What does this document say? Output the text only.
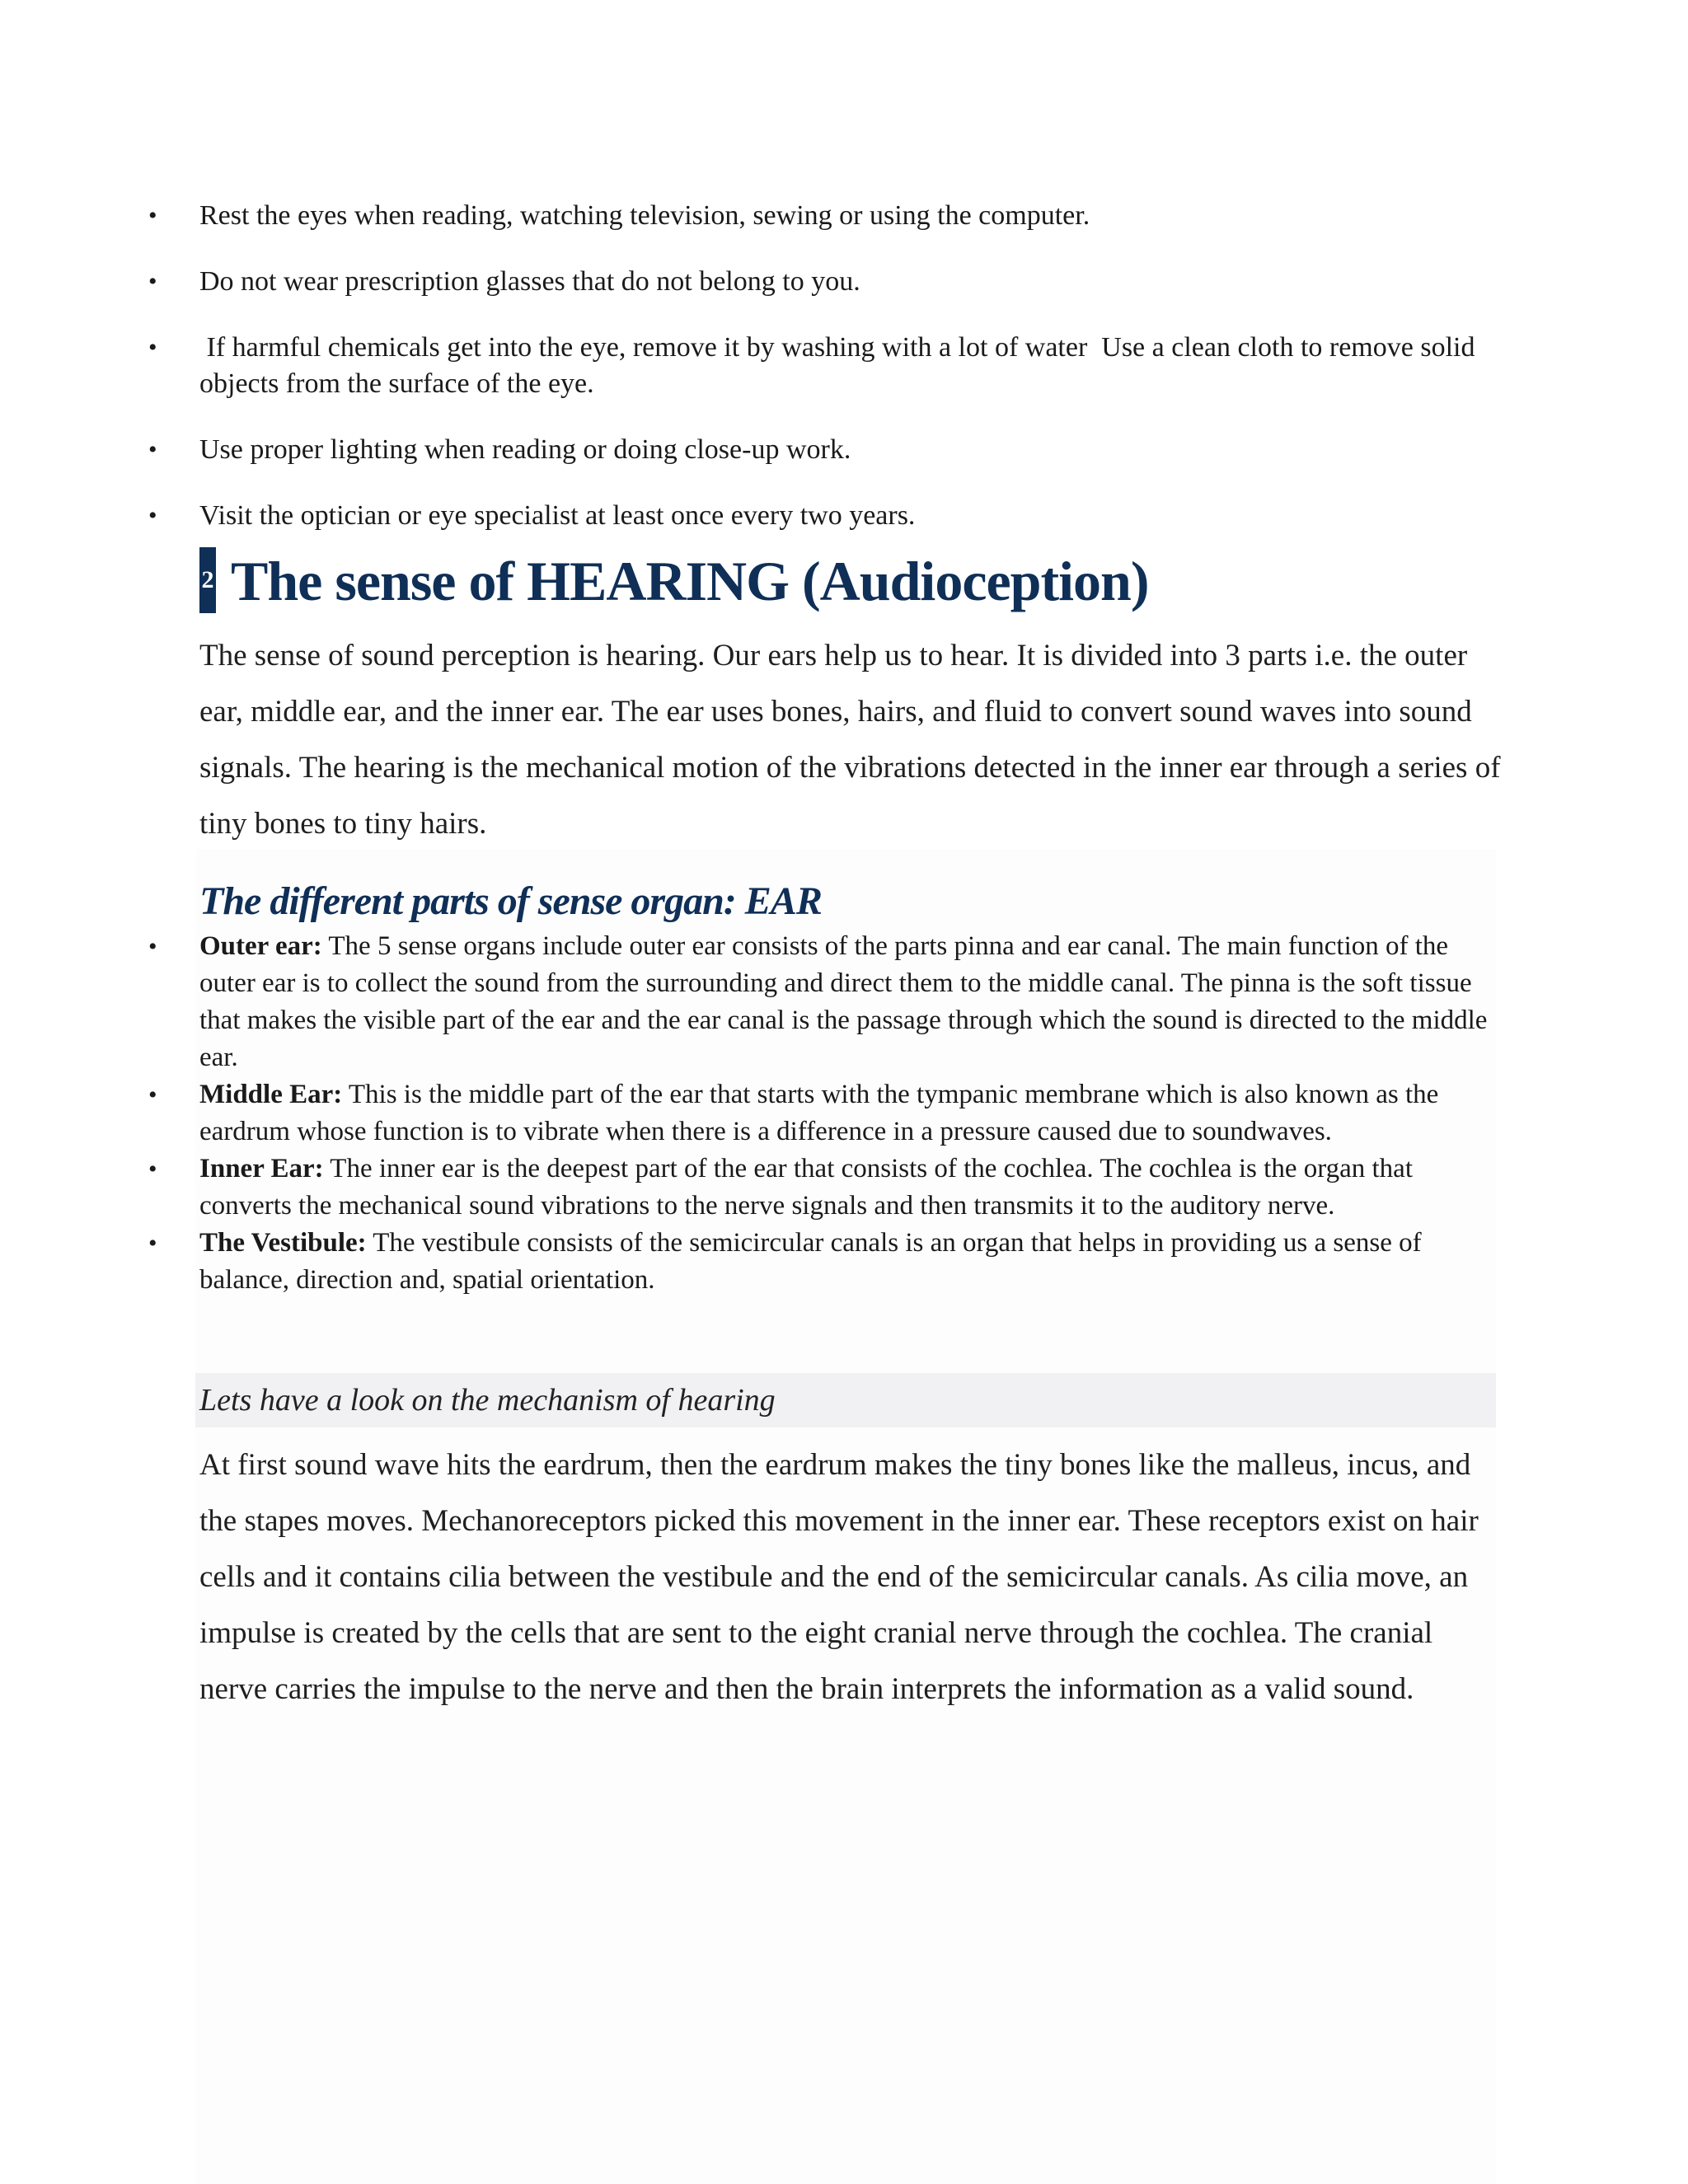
• Rest the eyes when reading, watching television, sewing or using the computer.
• Do not wear prescription glasses that do not belong to you.
• If harmful chemicals get into the eye, remove it by washing with a lot of water  Use a clean cloth to remove solid objects from the surface of the eye.
• Use proper lighting when reading or doing close-up work.
• Visit the optician or eye specialist at least once every two years.
2 The sense of HEARING (Audioception)

The sense of sound perception is hearing. Our ears help us to hear. It is divided into 3 parts i.e. the outer ear, middle ear, and the inner ear. The ear uses bones, hairs, and fluid to convert sound waves into sound signals. The hearing is the mechanical motion of the vibrations detected in the inner ear through a series of tiny bones to tiny hairs.

The different parts of sense organ: EAR
• Outer ear: The 5 sense organs include outer ear consists of the parts pinna and ear canal. The main function of the outer ear is to collect the sound from the surrounding and direct them to the middle canal. The pinna is the soft tissue that makes the visible part of the ear and the ear canal is the passage through which the sound is directed to the middle ear.
• Middle Ear: This is the middle part of the ear that starts with the tympanic membrane which is also known as the eardrum whose function is to vibrate when there is a difference in a pressure caused due to soundwaves.
• Inner Ear: The inner ear is the deepest part of the ear that consists of the cochlea. The cochlea is the organ that converts the mechanical sound vibrations to the nerve signals and then transmits it to the auditory nerve.
• The Vestibule: The vestibule consists of the semicircular canals is an organ that helps in providing us a sense of balance, direction and, spatial orientation.

Lets have a look on the mechanism of hearing

At first sound wave hits the eardrum, then the eardrum makes the tiny bones like the malleus, incus, and the stapes moves. Mechanoreceptors picked this movement in the inner ear. These receptors exist on hair cells and it contains cilia between the vestibule and the end of the semicircular canals. As cilia move, an impulse is created by the cells that are sent to the eight cranial nerve through the cochlea. The cranial nerve carries the impulse to the nerve and then the brain interprets the information as a valid sound.
